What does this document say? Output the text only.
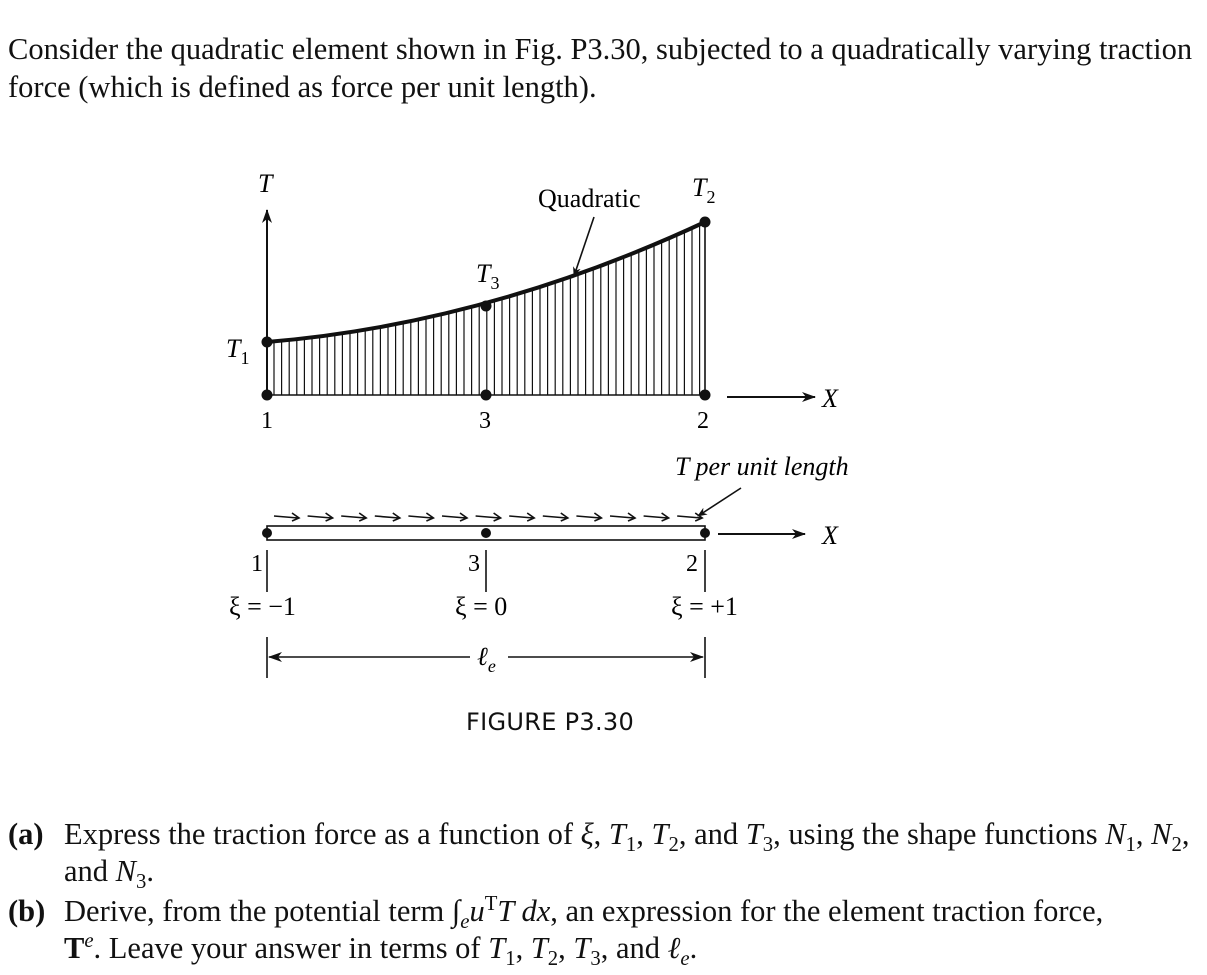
Consider the quadratic element shown in Fig. P3.30, subjected to a quadratically varying traction force (which is defined as force per unit length).
T
$T_1$
$T_3$
$T_2$
Quadratic
1	3	2
X
T per unit length
X
1	3	2
ξ = −1	ξ = 0	ξ = +1
ℓ$_e$
FIGURE P3.30
(a) Express the traction force as a function of ξ, $T_1$, $T_2$, and $T_3$, using the shape functions $N_1$, $N_2$, and $N_3$.
(b) Derive, from the potential term $\int_eu^TT$ dx, an expression for the element traction force,
$T^e$. Leave your answer in terms of $T_1$, $T_2$, $T_3$, and ℓ$_e$.
